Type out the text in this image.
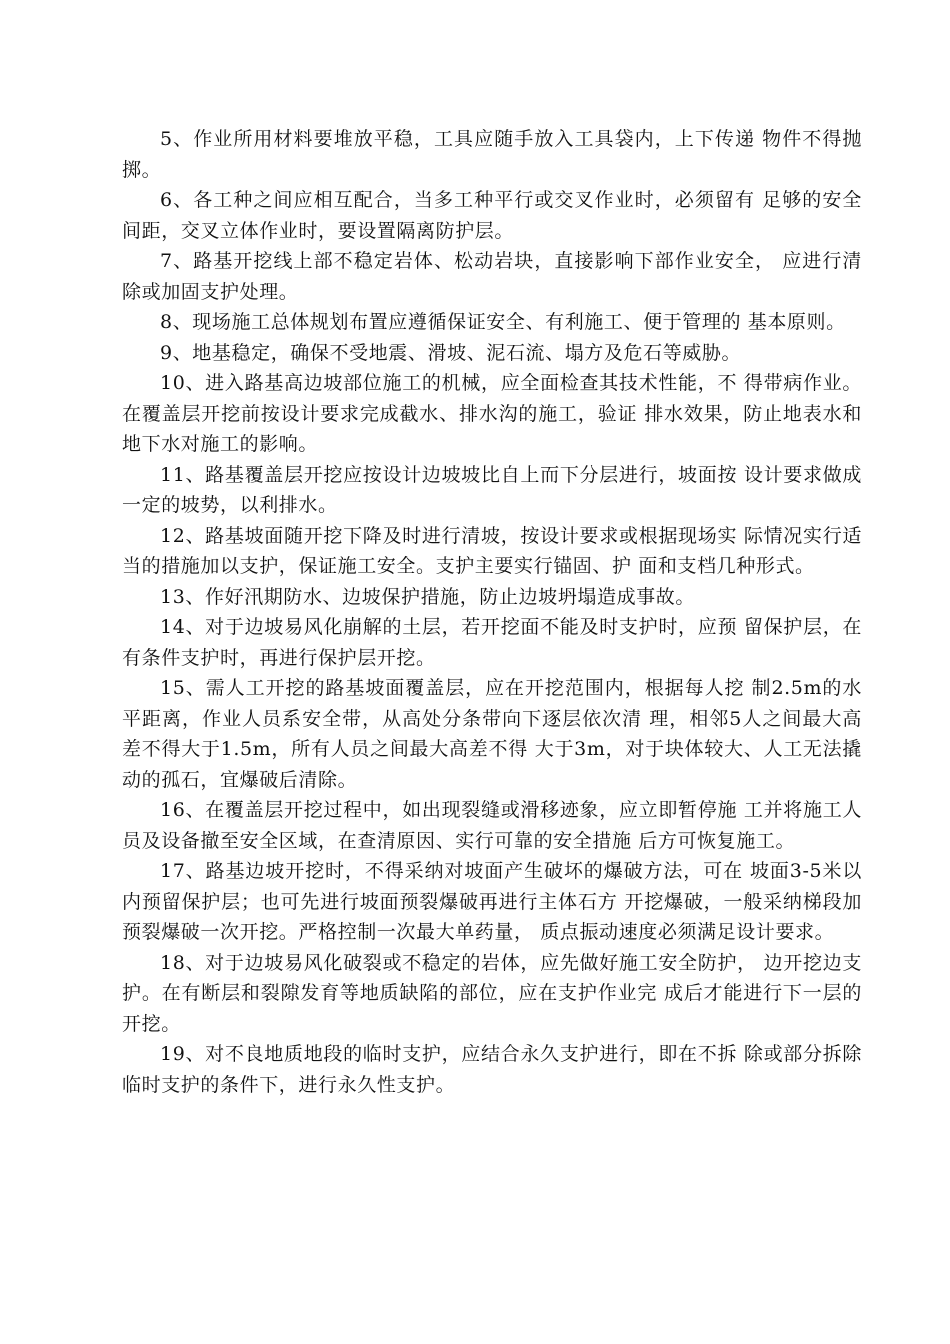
5、作业所用材料要堆放平稳，工具应随手放入工具袋内，上下传递 物件不得抛掷。

6、各工种之间应相互配合，当多工种平行或交叉作业时，必须留有 足够的安全间距，交叉立体作业时，要设置隔离防护层。

7、路基开挖线上部不稳定岩体、松动岩块，直接影响下部作业安全， 应进行清除或加固支护处理。

8、现场施工总体规划布置应遵循保证安全、有利施工、便于管理的 基本原则。

9、地基稳定，确保不受地震、滑坡、泥石流、塌方及危石等威胁。

10、进入路基高边坡部位施工的机械，应全面检查其技术性能，不 得带病作业。在覆盖层开挖前按设计要求完成截水、排水沟的施工，验证 排水效果，防止地表水和地下水对施工的影响。

11、路基覆盖层开挖应按设计边坡坡比自上而下分层进行，坡面按 设计要求做成一定的坡势，以利排水。

12、路基坡面随开挖下降及时进行清坡，按设计要求或根据现场实 际情况实行适当的措施加以支护，保证施工安全。支护主要实行锚固、护 面和支档几种形式。

13、作好汛期防水、边坡保护措施，防止边坡坍塌造成事故。

14、对于边坡易风化崩解的土层，若开挖面不能及时支护时，应预 留保护层，在有条件支护时，再进行保护层开挖。

15、需人工开挖的路基坡面覆盖层，应在开挖范围内，根据每人挖 制2.5m的水平距离，作业人员系安全带，从高处分条带向下逐层依次清 理，相邻5人之间最大高差不得大于1.5m，所有人员之间最大高差不得 大于3m，对于块体较大、人工无法撬动的孤石，宜爆破后清除。

16、在覆盖层开挖过程中，如出现裂缝或滑移迹象，应立即暂停施 工并将施工人员及设备撤至安全区域，在查清原因、实行可靠的安全措施 后方可恢复施工。

17、路基边坡开挖时，不得采纳对坡面产生破坏的爆破方法，可在 坡面3-5米以内预留保护层；也可先进行坡面预裂爆破再进行主体石方 开挖爆破，一般采纳梯段加预裂爆破一次开挖。严格控制一次最大单药量， 质点振动速度必须满足设计要求。

18、对于边坡易风化破裂或不稳定的岩体，应先做好施工安全防护， 边开挖边支护。在有断层和裂隙发育等地质缺陷的部位，应在支护作业完 成后才能进行下一层的开挖。

19、对不良地质地段的临时支护，应结合永久支护进行，即在不拆 除或部分拆除临时支护的条件下，进行永久性支护。
